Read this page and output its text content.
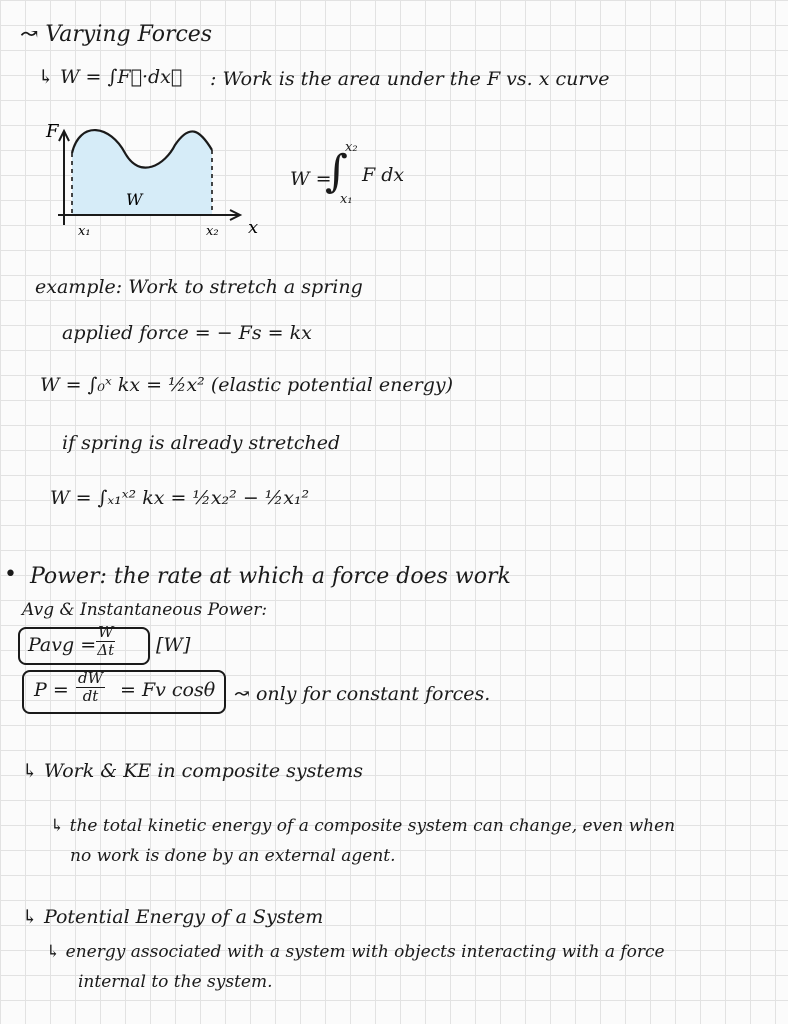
↝ Varying Forces
↳ W = ∫F⃗·dx⃗ : Work is the area under the F vs. x curve
F
W
x₁	x₂ x
W =
∫
x₂
x₁
F dx
example: Work to stretch a spring
applied force = − Fs = kx
W = ∫₀ˣ kx = ½x² (elastic potential energy)
if spring is already stretched
W = ∫ₓ₁ˣ² kx = ½x₂² − ½x₁²
• Power: the rate at which a force does work
Avg & Instantaneous Power:
Pavg = $\frac{W}{\Delta t} [W]$
$P = \frac{dW}{dt} = Fv$ cosθ ↝ only for constant forces.
↳ Work & KE in composite systems
↳ the total kinetic energy of a composite system can change, even when
no work is done by an external agent.
↳ Potential Energy of a System
↳ energy associated with a system with objects interacting with a force
internal to the system.
